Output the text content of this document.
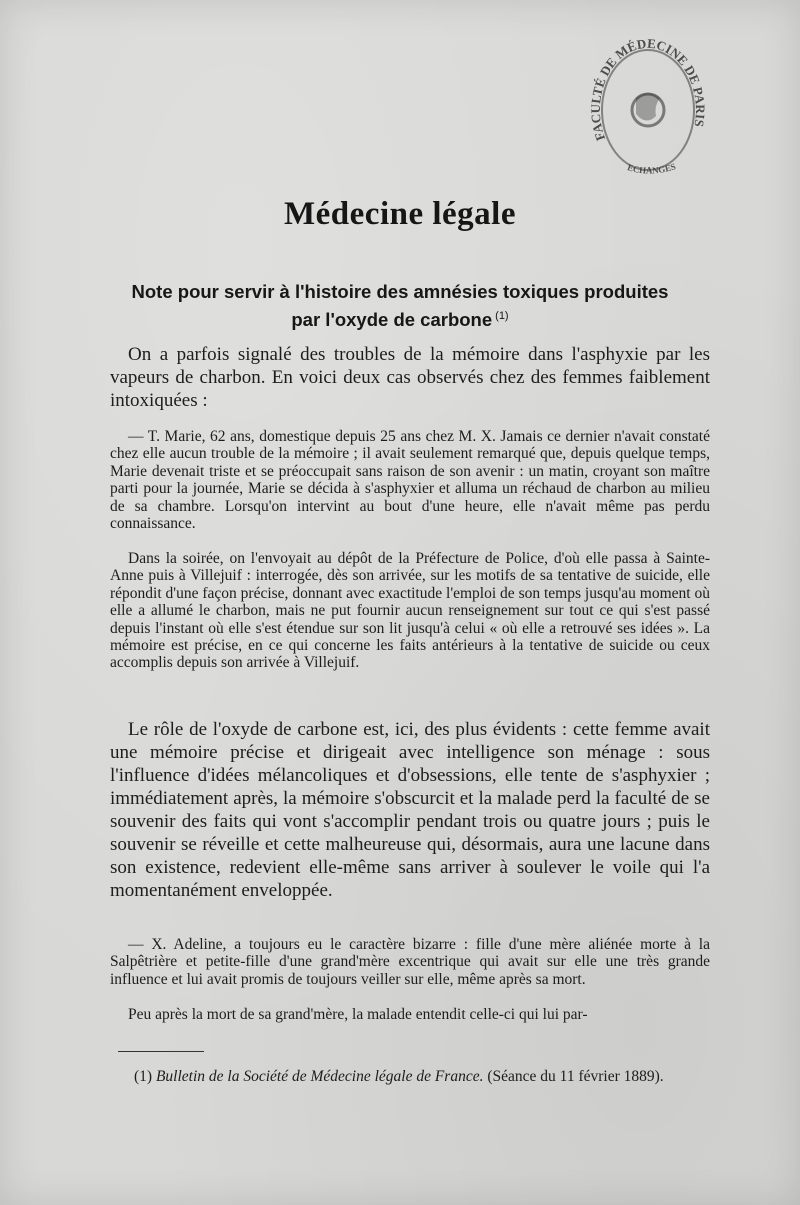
FACULTÉ DE MÉDECINE DE P S
ECHANGES
Médecine légale
Note pour servir à l'histoire des amnésies toxiques produites par l'oxyde de carbone $^{(1)}$

On a parfois signalé des troubles de la mémoire dans l'asphyxie par les vapeurs de charbon. En voici deux cas observés chez des femmes faiblement intoxiquées :

— T. Marie, 62 ans, domestique depuis 25 ans chez M. X. Jamais ce dernier n'avait constaté chez elle aucun trouble de la mémoire ; il avait seulement remarqué que, depuis quelque temps, Marie devenait triste et se préoccupait sans raison de son avenir : un matin, croyant son maître parti pour la journée, Marie se décida à s'asphyxier et alluma un réchaud de charbon au milieu de sa chambre. Lorsqu'on intervint au bout d'une heure, elle n'avait même pas perdu connaissance.

Dans la soirée, on l'envoyait au dépôt de la Préfecture de Police, d'où elle passa à Sainte-Anne puis à Villejuif : interrogée, dès son arrivée, sur les motifs de sa tentative de suicide, elle répondit d'une façon précise, donnant avec exactitude l'emploi de son temps jusqu'au moment où elle a allumé le charbon, mais ne put fournir aucun renseignement sur tout ce qui s'est passé depuis l'instant où elle s'est étendue sur son lit jusqu'à celui « où elle a retrouvé ses idées ». La mémoire est précise, en ce qui concerne les faits antérieurs à la tentative de suicide ou ceux accomplis depuis son arrivée à Villejuif.

Le rôle de l'oxyde de carbone est, ici, des plus évidents : cette femme avait une mémoire précise et dirigeait avec intelligence son ménage : sous l'influence d'idées mélancoliques et d'obsessions, elle tente de s'asphyxier ; immédiatement après, la mémoire s'obscurcit et la malade perd la faculté de se souvenir des faits qui vont s'accomplir pendant trois ou quatre jours ; puis le souvenir se réveille et cette malheureuse qui, désormais, aura une lacune dans son existence, redevient elle-même sans arriver à soulever le voile qui l'a momentanément enveloppée.

— X. Adeline, a toujours eu le caractère bizarre : fille d'une mère aliénée morte à la Salpêtrière et petite-fille d'une grand'mère excentrique qui avait sur elle une très grande influence et lui avait promis de toujours veiller sur elle, même après sa mort.

Peu après la mort de sa grand'mère, la malade entendit celle-ci qui lui par-

(1) Bulletin de la Société de Médecine légale de France. (Séance du 11 février 1889).
